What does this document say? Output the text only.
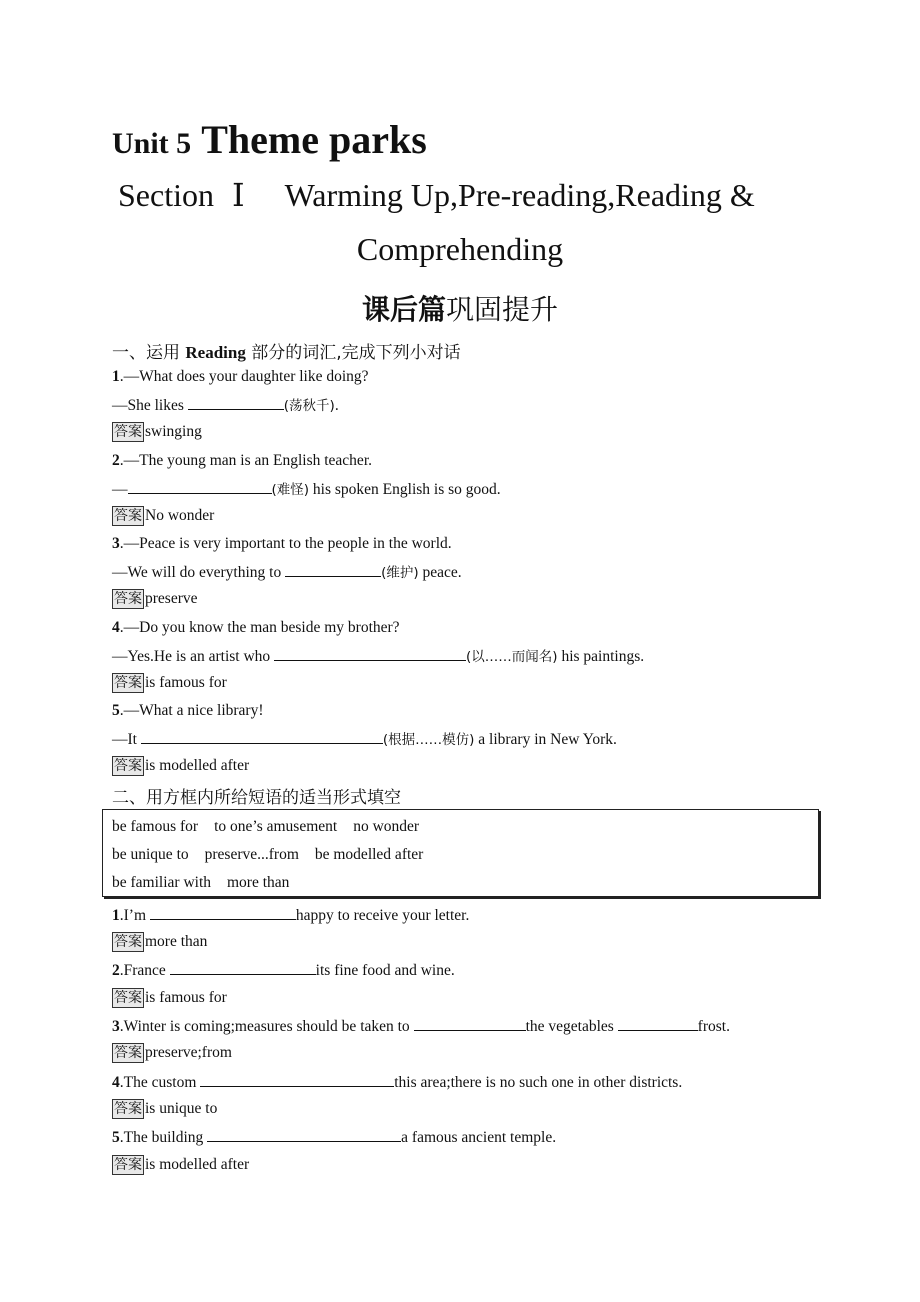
Unit 5 Theme parks
Section Ⅰ Warming Up,Pre-reading,Reading &
Comprehending
课后篇巩固提升
一、运用 Reading 部分的词汇,完成下列小对话
1.—What does your daughter like doing?
—She likes	(荡秋千).
答案 swinging
2.—The young man is an English teacher.
—	(难怪) his spoken English is so good.
答案 No wonder
3.—Peace is very important to the people in the world.
—We will do everything to	(维护) peace.
答案 preserve
4.—Do you know the man beside my brother?
—Yes.He is an artist who	(以……而闻名) his paintings.
答案 is famous for
5.—What a nice library!
—It	(根据……模仿) a library in New York.
答案 is modelled after
二、用方框内所给短语的适当形式填空
be famous for to one’s amusement no wonder
be unique to preserve...from be modelled after
be familiar with more than
1.I’m	happy to receive your letter.
答案 more than
2.France	its fine food and wine.
答案 is famous for
3.Winter is coming;measures should be taken to	the vegetables	frost.
答案 preserve;from
4.The custom	this area;there is no such one in other districts.
答案 is unique to
5.The building	a famous ancient temple.
答案 is modelled after
